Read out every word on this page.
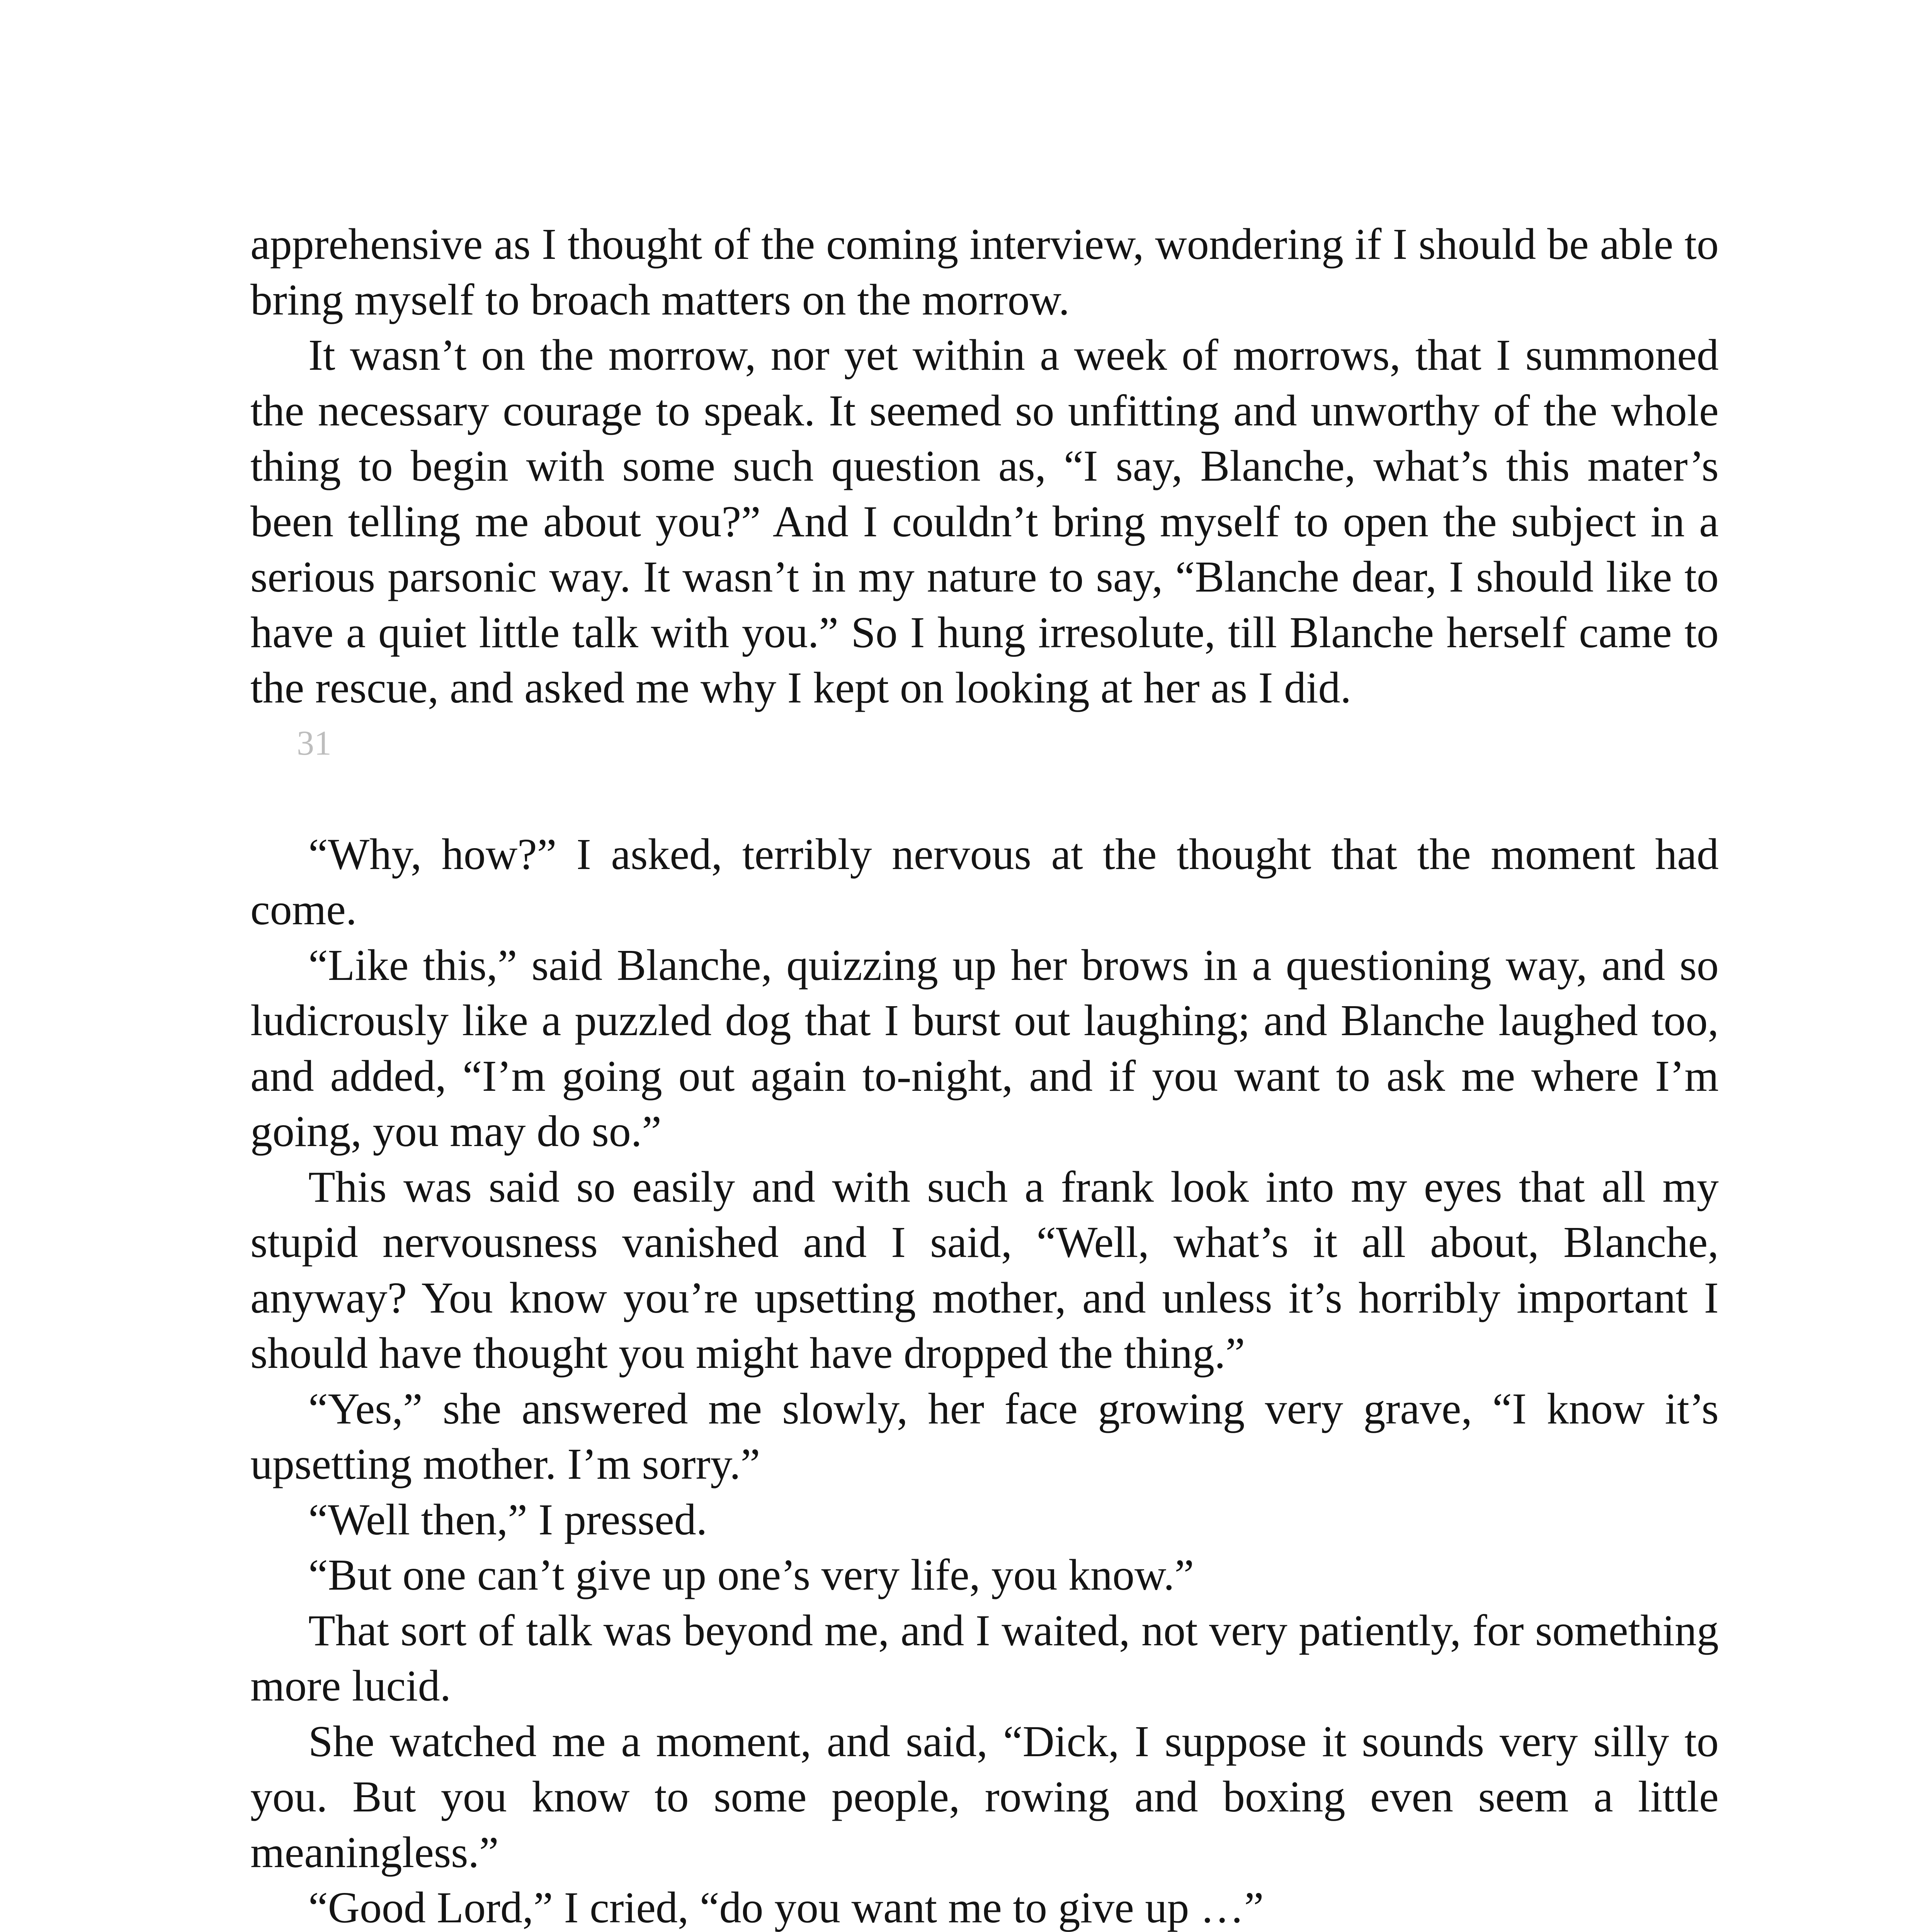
apprehensive as I thought of the coming interview, wondering if I should be able to bring myself to broach matters on the morrow.

It wasn’t on the morrow, nor yet within a week of morrows, that I summoned the necessary courage to speak. It seemed so unfitting and unworthy of the whole thing to begin with some such question as, “I say, Blanche, what’s this mater’s been telling me about you?” And I couldn’t bring myself to open the subject in a serious parsonic way. It wasn’t in my nature to say, “Blanche dear, I should like to have a quiet little talk with you.” So I hung irresolute, till Blanche herself came to the rescue, and asked me why I kept on looking at her as I did.

31

“Why, how?” I asked, terribly nervous at the thought that the moment had come.

“Like this,” said Blanche, quizzing up her brows in a questioning way, and so ludicrously like a puzzled dog that I burst out laughing; and Blanche laughed too, and added, “I’m going out again to-night, and if you want to ask me where I’m going, you may do so.”

This was said so easily and with such a frank look into my eyes that all my stupid nervousness vanished and I said, “Well, what’s it all about, Blanche, anyway? You know you’re upsetting mother, and unless it’s horribly important I should have thought you might have dropped the thing.”

“Yes,” she answered me slowly, her face growing very grave, “I know it’s upsetting mother. I’m sorry.”

“Well then,” I pressed.

“But one can’t give up one’s very life, you know.”

That sort of talk was beyond me, and I waited, not very patiently, for something more lucid.

She watched me a moment, and said, “Dick, I suppose it sounds very silly to you. But you know to some people, rowing and boxing even seem a little meaningless.”

“Good Lord,” I cried, “do you want me to give up …”
